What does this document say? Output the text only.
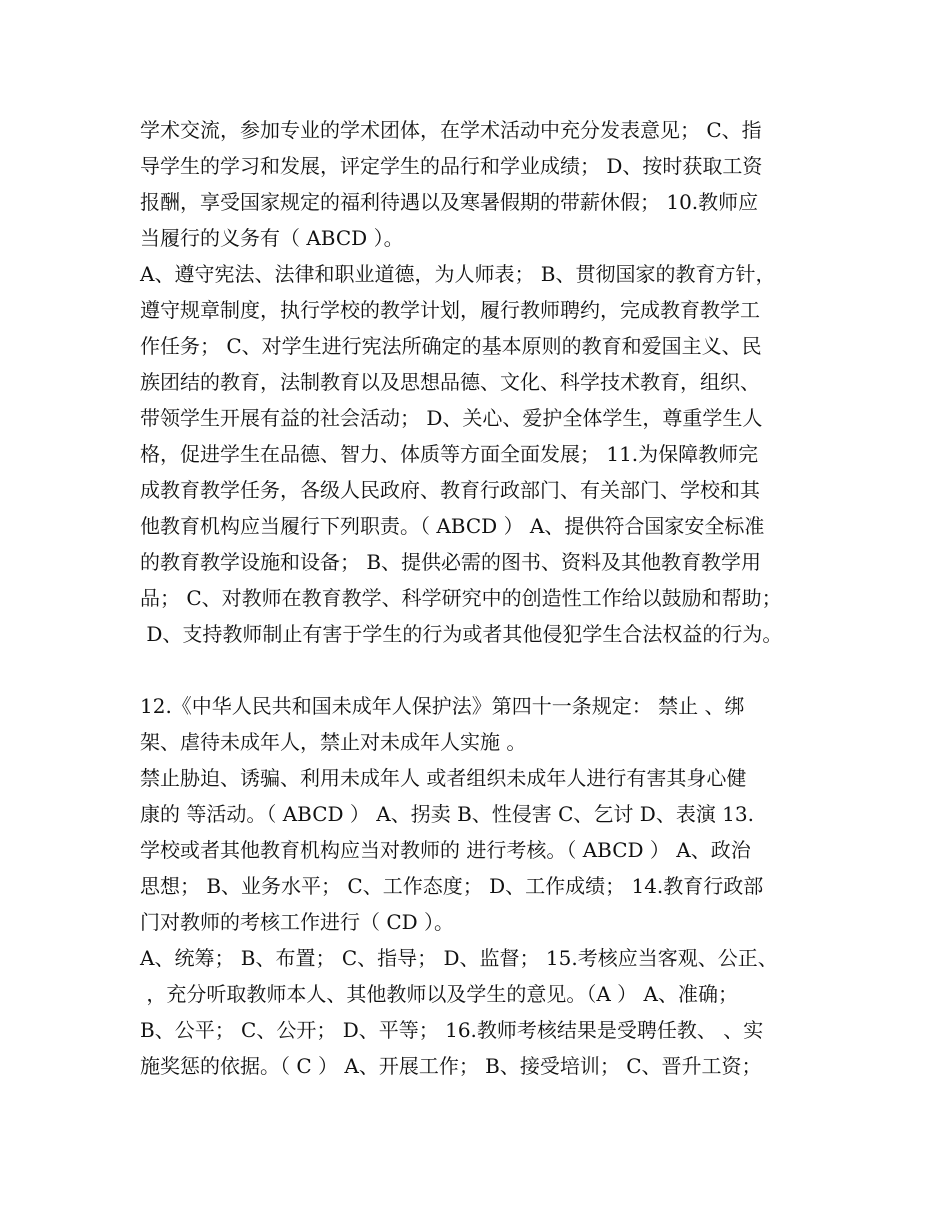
学术交流，参加专业的学术团体，在学术活动中充分发表意见； C、指
导学生的学习和发展，评定学生的品行和学业成绩； D、按时获取工资
报酬，享受国家规定的福利待遇以及寒暑假期的带薪休假； 10.教师应
当履行的义务有（ ABCD ）。
A、遵守宪法、法律和职业道德，为人师表； B、贯彻国家的教育方针，
遵守规章制度，执行学校的教学计划，履行教师聘约，完成教育教学工
作任务； C、对学生进行宪法所确定的基本原则的教育和爱国主义、民
族团结的教育，法制教育以及思想品德、文化、科学技术教育，组织、
带领学生开展有益的社会活动； D、关心、爱护全体学生，尊重学生人
格，促进学生在品德、智力、体质等方面全面发展； 11.为保障教师完
成教育教学任务，各级人民政府、教育行政部门、有关部门、学校和其
他教育机构应当履行下列职责。（ ABCD ） A、提供符合国家安全标准
的教育教学设施和设备； B、提供必需的图书、资料及其他教育教学用
品； C、对教师在教育教学、科学研究中的创造性工作给以鼓励和帮助；
D、支持教师制止有害于学生的行为或者其他侵犯学生合法权益的行为。
12.《中华人民共和国未成年人保护法》第四十一条规定： 禁止 、绑
架、虐待未成年人，禁止对未成年人实施 。
禁止胁迫、诱骗、利用未成年人 或者组织未成年人进行有害其身心健
康的 等活动。（ ABCD ） A、拐卖 B、性侵害 C、乞讨 D、表演 13.
学校或者其他教育机构应当对教师的 进行考核。（ ABCD ） A、政治
思想； B、业务水平； C、工作态度； D、工作成绩； 14.教育行政部
门对教师的考核工作进行（ CD ）。
A、统筹； B、布置； C、指导； D、监督； 15.考核应当客观、公正、
，充分听取教师本人、其他教师以及学生的意见。（A ） A、准确；
B、公平； C、公开； D、平等； 16.教师考核结果是受聘任教、 、实
施奖惩的依据。（ C ） A、开展工作； B、接受培训； C、晋升工资；
